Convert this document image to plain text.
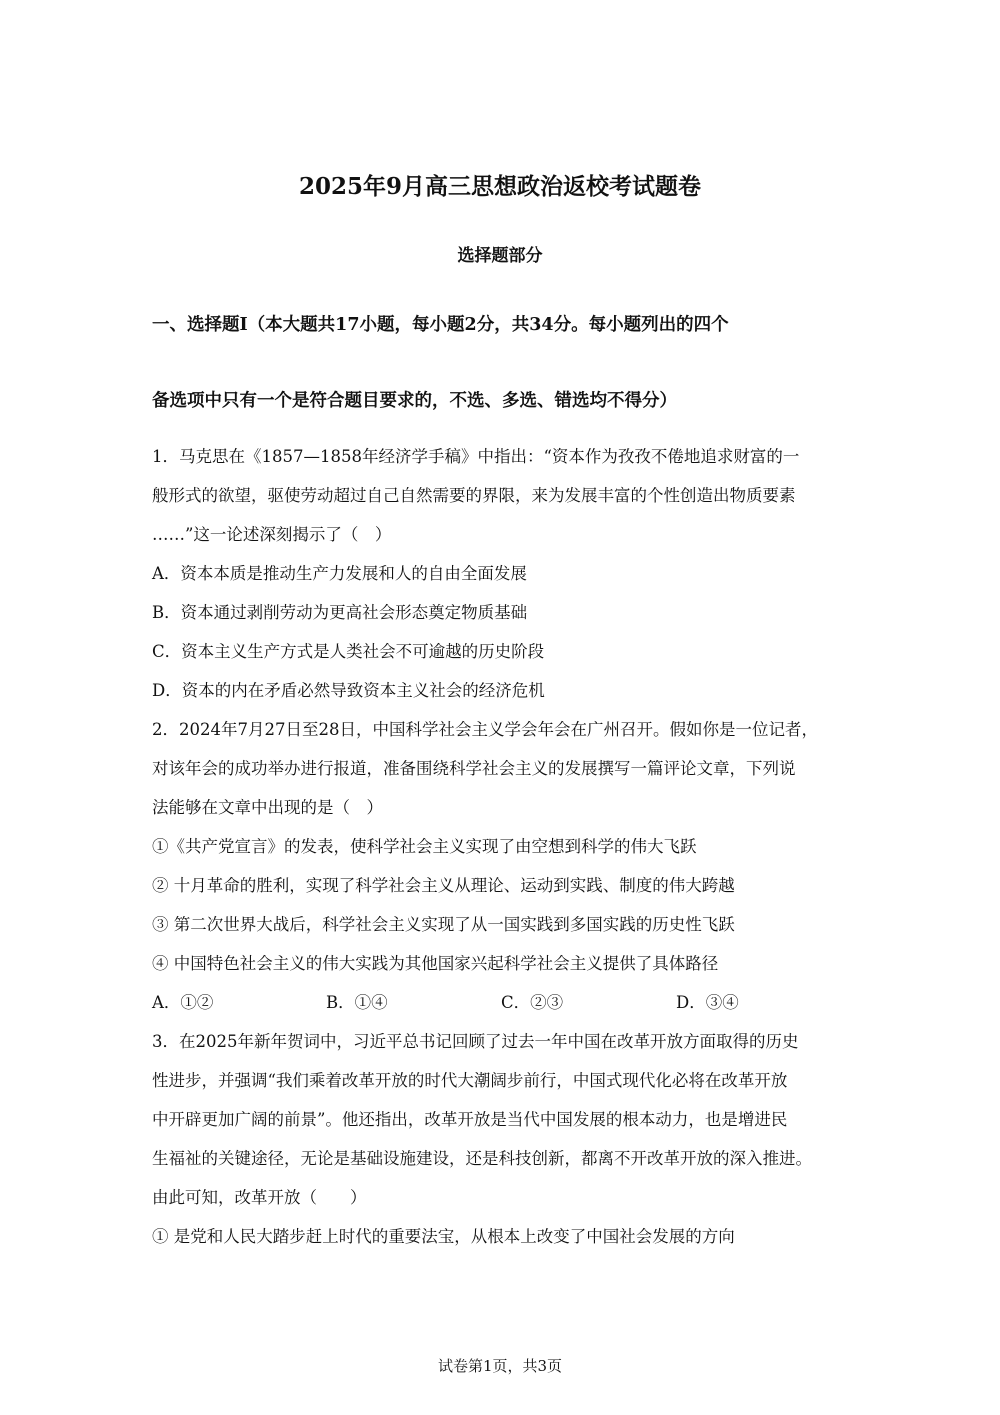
2025年9月高三思想政治返校考试题卷
选择题部分
一、选择题Ⅰ（本大题共17小题，每小题2分，共34分。每小题列出的四个
备选项中只有一个是符合题目要求的，不选、多选、错选均不得分）
1．马克思在《1857—1858年经济学手稿》中指出：“资本作为孜孜不倦地追求财富的一
般形式的欲望，驱使劳动超过自己自然需要的界限，来为发展丰富的个性创造出物质要素
……”这一论述深刻揭示了（　）
A．资本本质是推动生产力发展和人的自由全面发展
B．资本通过剥削劳动为更高社会形态奠定物质基础
C．资本主义生产方式是人类社会不可逾越的历史阶段
D．资本的内在矛盾必然导致资本主义社会的经济危机
2．2024年7月27日至28日，中国科学社会主义学会年会在广州召开。假如你是一位记者，
对该年会的成功举办进行报道，准备围绕科学社会主义的发展撰写一篇评论文章，下列说
法能够在文章中出现的是（　）
①《共产党宣言》的发表，使科学社会主义实现了由空想到科学的伟大飞跃
② 十月革命的胜利，实现了科学社会主义从理论、运动到实践、制度的伟大跨越
③ 第二次世界大战后，科学社会主义实现了从一国实践到多国实践的历史性飞跃
④ 中国特色社会主义的伟大实践为其他国家兴起科学社会主义提供了具体路径
A．①②	B．①④	C．②③	D．③④
3．在2025年新年贺词中，习近平总书记回顾了过去一年中国在改革开放方面取得的历史
性进步，并强调“我们乘着改革开放的时代大潮阔步前行，中国式现代化必将在改革开放
中开辟更加广阔的前景”。他还指出，改革开放是当代中国发展的根本动力，也是增进民
生福祉的关键途径，无论是基础设施建设，还是科技创新，都离不开改革开放的深入推进。
由此可知，改革开放（　　）
① 是党和人民大踏步赶上时代的重要法宝，从根本上改变了中国社会发展的方向
试卷第1页，共3页
